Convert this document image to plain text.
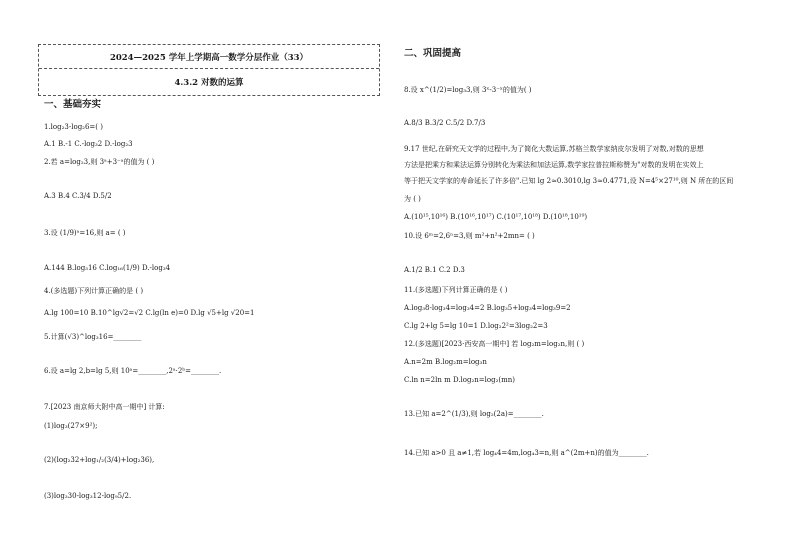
2024—2025 学年上学期高一数学分层作业（33）
4.3.2 对数的运算
一、基础夯实
1.log₂3-log₂6=( )
A.1 B.-1 C.-log₃2 D.-log₂3
2.若 a=log₂3,则 3ᵃ+3⁻ᵃ的值为 ( )
A.3 B.4 C.3/4 D.5/2
3.设 (1/9)ᵃ=16,则 a= ( )
A.144 B.log₃16 C.log₁₆(1/9) D.-log₃4
4.(多选题)下列计算正确的是 ( )
A.lg 100=10 B.10^lg√2=√2 C.lg(ln e)=0 D.lg √5+lg √20=1
5.计算(√3)^log₃16=________
6.设 a=lg 2,b=lg 5,则 10ᵃ=________,2ᵃ·2ᵇ=________.
7.[2023 南京师大附中高一期中] 计算:
(1)log₃(27×9²);
(2)(log₂32+log₁/₂(3/4)+log₂36),
(3)log₃30-log₃12-log₉5/2.
二、巩固提高
8.设 x^(1/2)=log₃3,则 3ˣ-3⁻ˣ的值为( )
A.8/3 B.3/2 C.5/2 D.7/3
9.17 世纪,在研究天文学的过程中,为了简化大数运算,苏格兰数学家纳皮尔发明了对数,对数的思想
方法是把乘方和乘法运算分别转化为乘法和加法运算,数学家拉普拉斯称赞为"对数的发明在实效上
等于把天文学家的寿命延长了许多倍".已知 lg 2≈0.3010,lg 3≈0.4771,设 N=4⁵×27¹⁰,则 N 所在的区间
为 ( )
A.(10¹⁵,10¹⁶) B.(10¹⁶,10¹⁷) C.(10¹⁷,10¹⁸) D.(10¹⁸,10¹⁹)
10.设 6ᵐ=2,6ⁿ=3,则 m²+n²+2mn= ( )
A.1/2 B.1 C.2 D.3
11.(多选题)下列计算正确的是 ( )
A.log₃8-log₃4=log₃4=2 B.log₃5+log₃4=log₃9=2
C.lg 2+lg 5=lg 10=1 D.log₂2²=3log₂2=3
12.(多选题)[2023·西安高一期中] 若 log₂m=log₂n,则 ( )
A.n=2m B.log₂m=log₃n
C.ln n=2ln m D.log₂n=log₂(mn)
13.已知 a=2^(1/3),则 log₂(2a)=________.
14.已知 a>0 且 a≠1,若 log₄4=4m,log₄3=n,则 a^(2m+n)的值为________.
